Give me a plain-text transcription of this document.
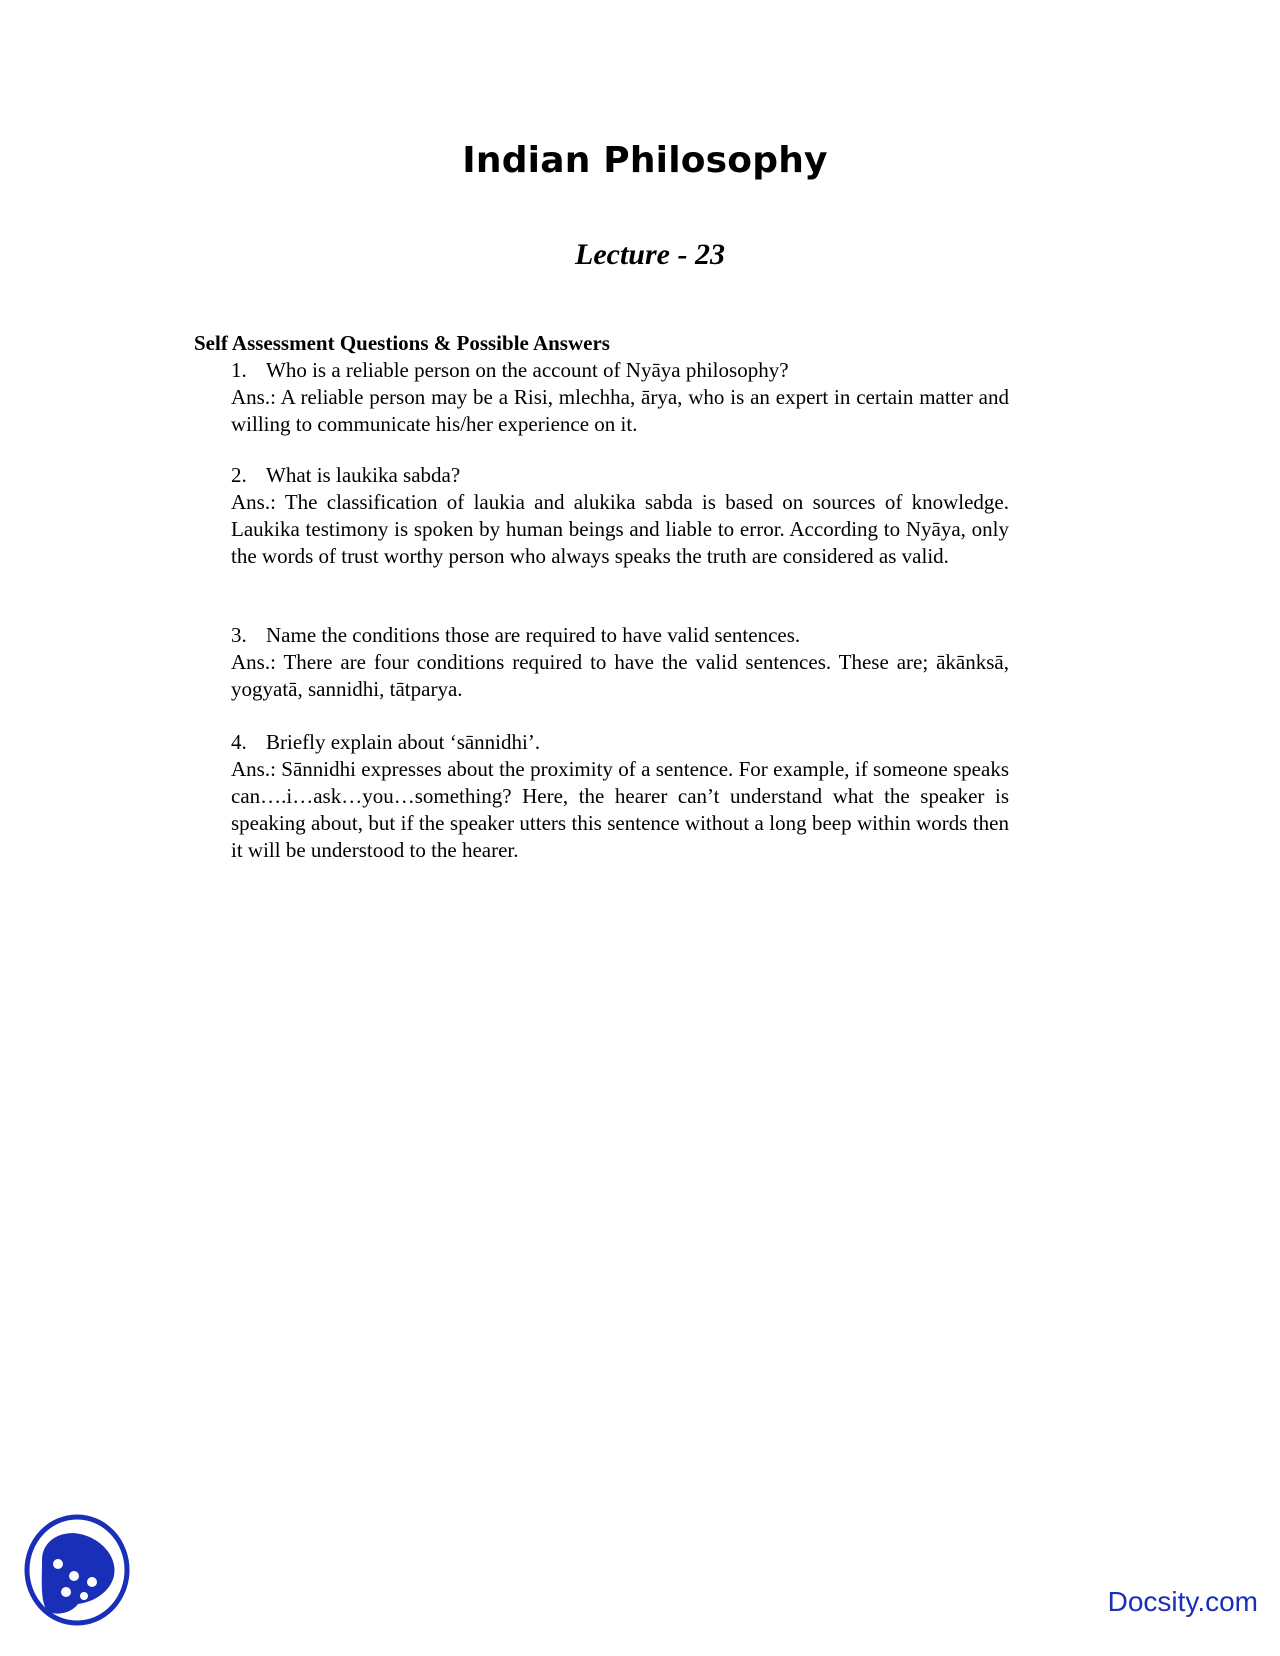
Indian Philosophy
Lecture - 23
Self Assessment Questions & Possible Answers
1. Who is a reliable person on the account of Nyāya philosophy?
Ans.: A reliable person may be a Risi, mlechha, ārya, who is an expert in certain matter and willing to communicate his/her experience on it.
2. What is laukika sabda?
Ans.: The classification of laukia and alukika sabda is based on sources of knowledge. Laukika testimony is spoken by human beings and liable to error. According to Nyāya, only the words of trust worthy person who always speaks the truth are considered as valid.
3. Name the conditions those are required to have valid sentences.
Ans.: There are four conditions required to have the valid sentences. These are; ākānksā, yogyatā, sannidhi, tātparya.
4. Briefly explain about ‘sānnidhi’.
Ans.: Sānnidhi expresses about the proximity of a sentence. For example, if someone speaks can….i…ask…you…something? Here, the hearer can’t understand what the speaker is speaking about, but if the speaker utters this sentence without a long beep within words then it will be understood to the hearer.
Docsity.com
